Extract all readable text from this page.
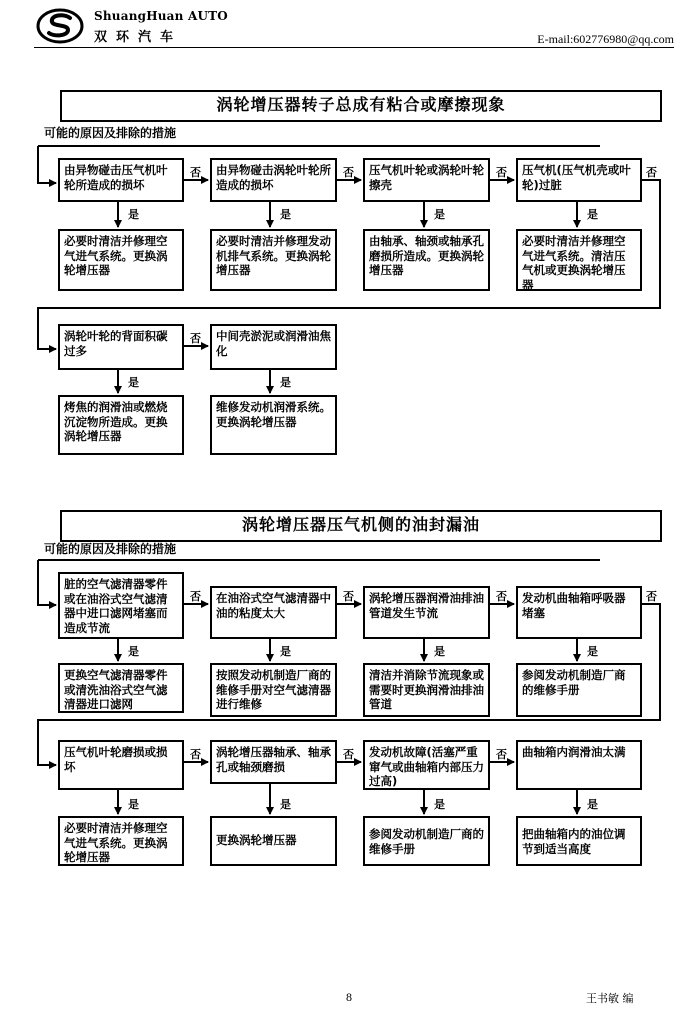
ShuangHuan AUTO
双环汽车	E-mail:602776980@qq.com
涡轮增压器转子总成有粘合或摩擦现象
可能的原因及排除的措施
由异物碰击压气机叶轮所造成的损坏
由异物碰击涡轮叶轮所造成的损坏
压气机叶轮或涡轮叶轮擦壳
压气机(压气机壳或叶轮)过脏
否	否	否	否
是	是	是	是
必要时清洁并修理空气进气系统。更换涡轮增压器
必要时清洁并修理发动机排气系统。更换涡轮增压器
由轴承、轴颈或轴承孔磨损所造成。更换涡轮增压器
必要时清洁并修理空气进气系统。清洁压气机或更换涡轮增压器
涡轮叶轮的背面积碳过多
中间壳淤泥或润滑油焦化
否
是	是
烤焦的润滑油或燃烧沉淀物所造成。更换涡轮增压器
维修发动机润滑系统。更换涡轮增压器
涡轮增压器压气机侧的油封漏油
可能的原因及排除的措施
脏的空气滤清器零件或在油浴式空气滤清器中进口滤网堵塞而造成节流
在油浴式空气滤清器中油的粘度太大
涡轮增压器润滑油排油管道发生节流
发动机曲轴箱呼吸器堵塞
否	否	否	否
是	是	是	是
更换空气滤清器零件或清洗油浴式空气滤清器进口滤网
按照发动机制造厂商的维修手册对空气滤清器进行维修
清洁并消除节流现象或需要时更换润滑油排油管道
参阅发动机制造厂商的维修手册
压气机叶轮磨损或损坏
涡轮增压器轴承、轴承孔或轴颈磨损
发动机故障(活塞严重窜气或曲轴箱内部压力过高)
曲轴箱内润滑油太满
否	否	否
是	是	是	是
必要时清洁并修理空气进气系统。更换涡轮增压器
更换涡轮增压器	参阅发动机制造厂商的维修手册
把曲轴箱内的油位调节到适当高度
8	王书敏 编
